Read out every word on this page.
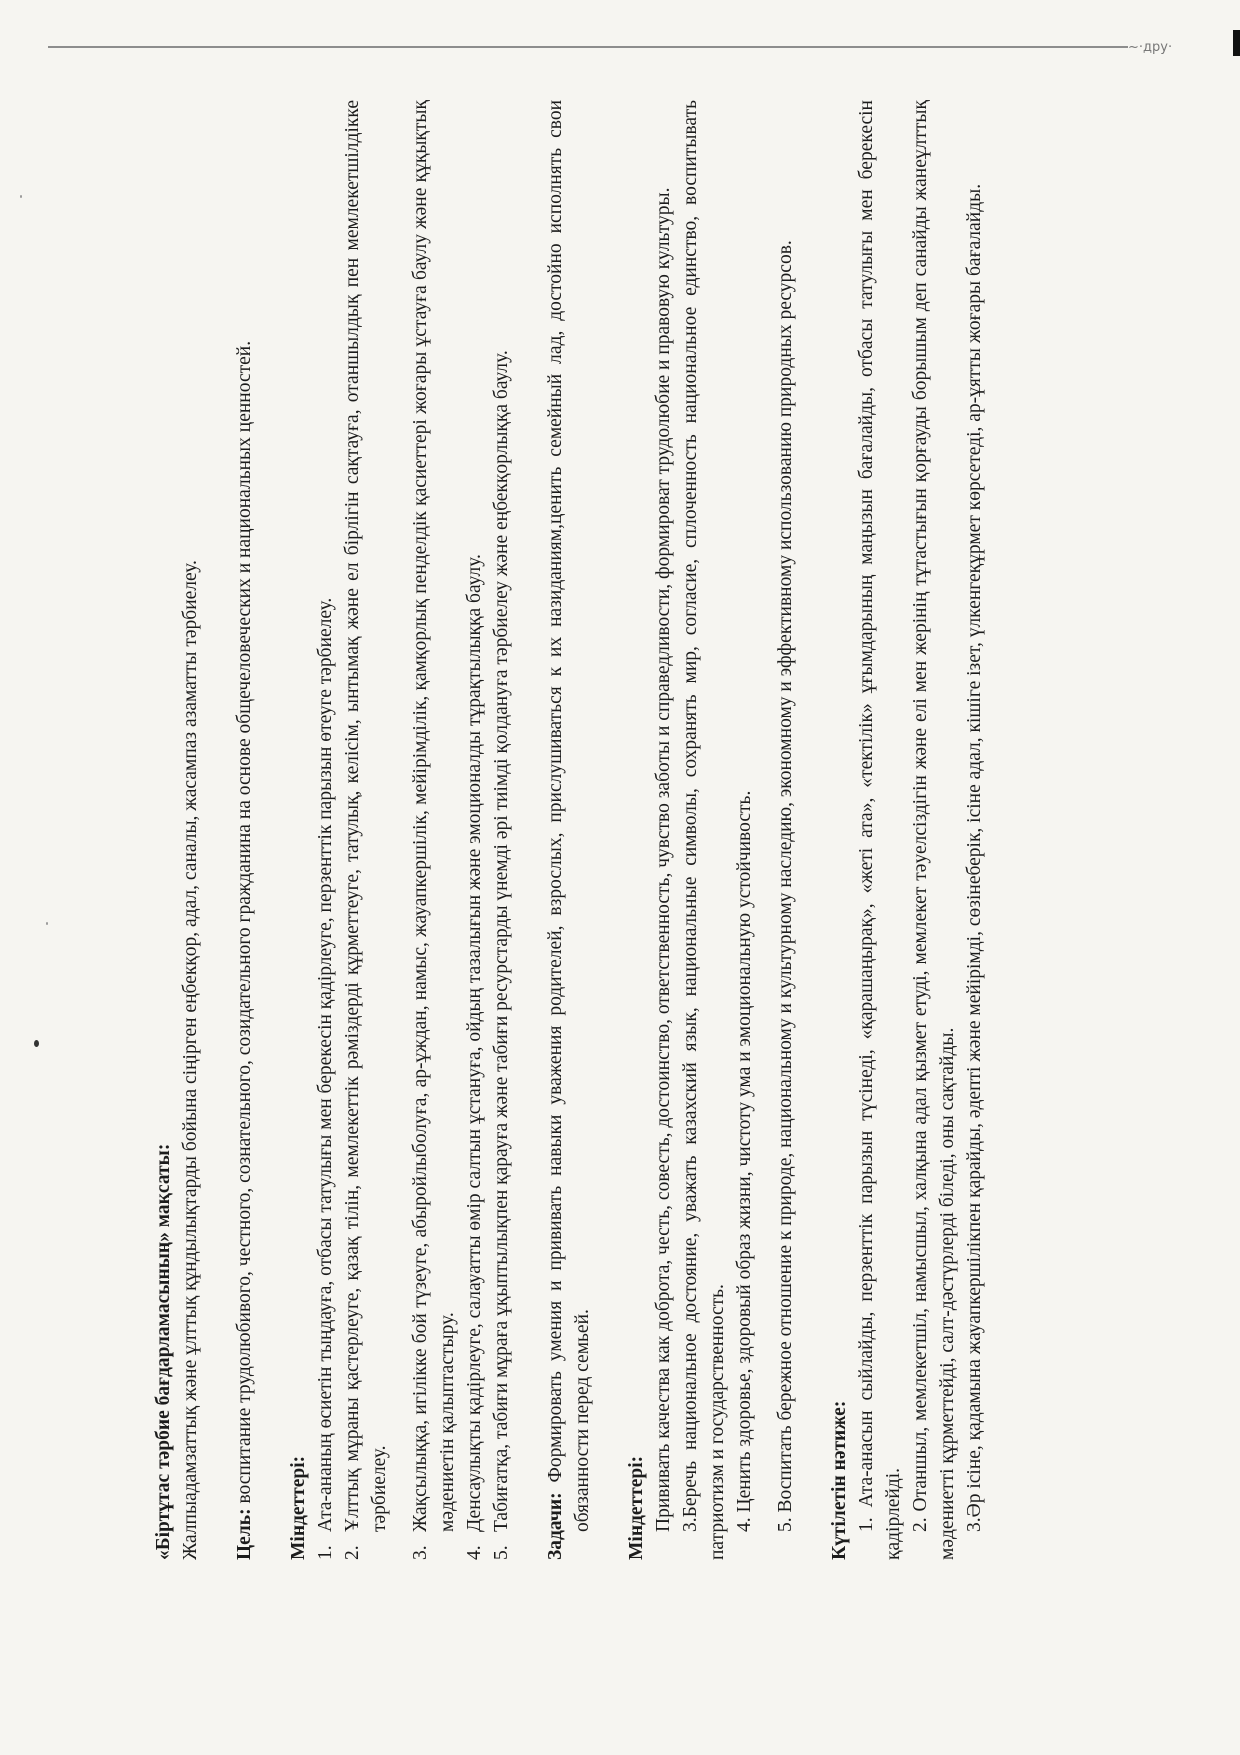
~·дру·

«Біртұтас тәрбие бағдарламасының» мақсаты: Жалпыадамзаттық және ұлттық құндылықтарды бойына сіңірген еңбекқор, адал, саналы, жасампаз азаматты тәрбиелеу. Цель: воспитание трудолюбивого, честного, сознательного, созидательного гражданина на основе общечеловеческих и национальных ценностей.

Міндеттері: 1.
Ата-ананың өсиетін тыңдауға, отбасы татулығы мен берекесін қадірлеуге, перзенттік парызын өтеуге тәрбиелеу.
2.
Ұлттық мұраны қастерлеуге, қазақ тілін, мемлекеттік рәміздерді құрметтеуге, татулық, келісім, ынтымақ және ел бірлігін сақтауға, отаншылдық пен мемлекетшілдікке тәрбиелеу.
3.
Жақсылыққа, игілікке бой түзеуге, абыройлыболуға, ар-ұждан, намыс, жауапкершілік, мейірімділік, қамқорлық пенделдік қасиеттері жоғары ұстауға баулу және құқықтық мәдениетін қалыптастыру.
4.
Денсаулықты қадірлеуге, салауатты өмір салтын ұстануға, ойдың тазалығын және эмоционалды тұрақтылыққа баулу.
5.
Табиғатқа, табиғи мұраға ұқыптылықпен қарауға және табиғи ресурстарды үнемді әрі тиімді қолдануға тәрбиелеу және еңбекқорлыққа баулу. Задачи: Формировать умения и прививать навыки уважения родителей, взрослых, прислушиваться к их назиданиям,ценить семейный лад, достойно исполнять свои обязанности перед семьей. Міндеттері: Прививать качества как доброта, честь, совесть, достоинство, ответственность, чувство заботы и справедливости, формироват трудолюбие и правовую культуры. 3.Беречь национальное достояние, уважать казахский язык, национальные символы, сохранять мир, согласие, сплоченность национальное единство, воспитывать патриотизм и государственность. 4. Ценить здоровье, здоровый образ жизни, чистоту ума и эмоциональную устойчивость. 5. Воспитать бережное отношение к природе, национальному и культурному наследию, экономному и эффективному использованию природных ресурсов. Күтілетін нәтиже: 1. Ата-анасын сыйлайды, перзенттік парызын түсінеді, «қарашаңырақ», «жеті ата», «тектілік» ұғымдарының маңызын бағалайды, отбасы татулығы мен берекесін қадірлейді. 2. Отаншыл, мемлекетшіл, намысшыл, халқына адал қызмет етуді, мемлекет тәуелсіздігін және елі мен жерінің тұтастығын қорғауды борышым деп санайды жанеұлттық мәдениетті құрметтейді, салт-дәстүрлерді біледі, оны сақтайды. 3.Әр ісіне, қадамына жауапкершілікпен қарайды, әдепті және мейірімді, сөзінеберік, ісіне адал, кішіге ізет, үлкенгеқұрмет көрсетеді, ар-ұятты жоғары бағалайды.
